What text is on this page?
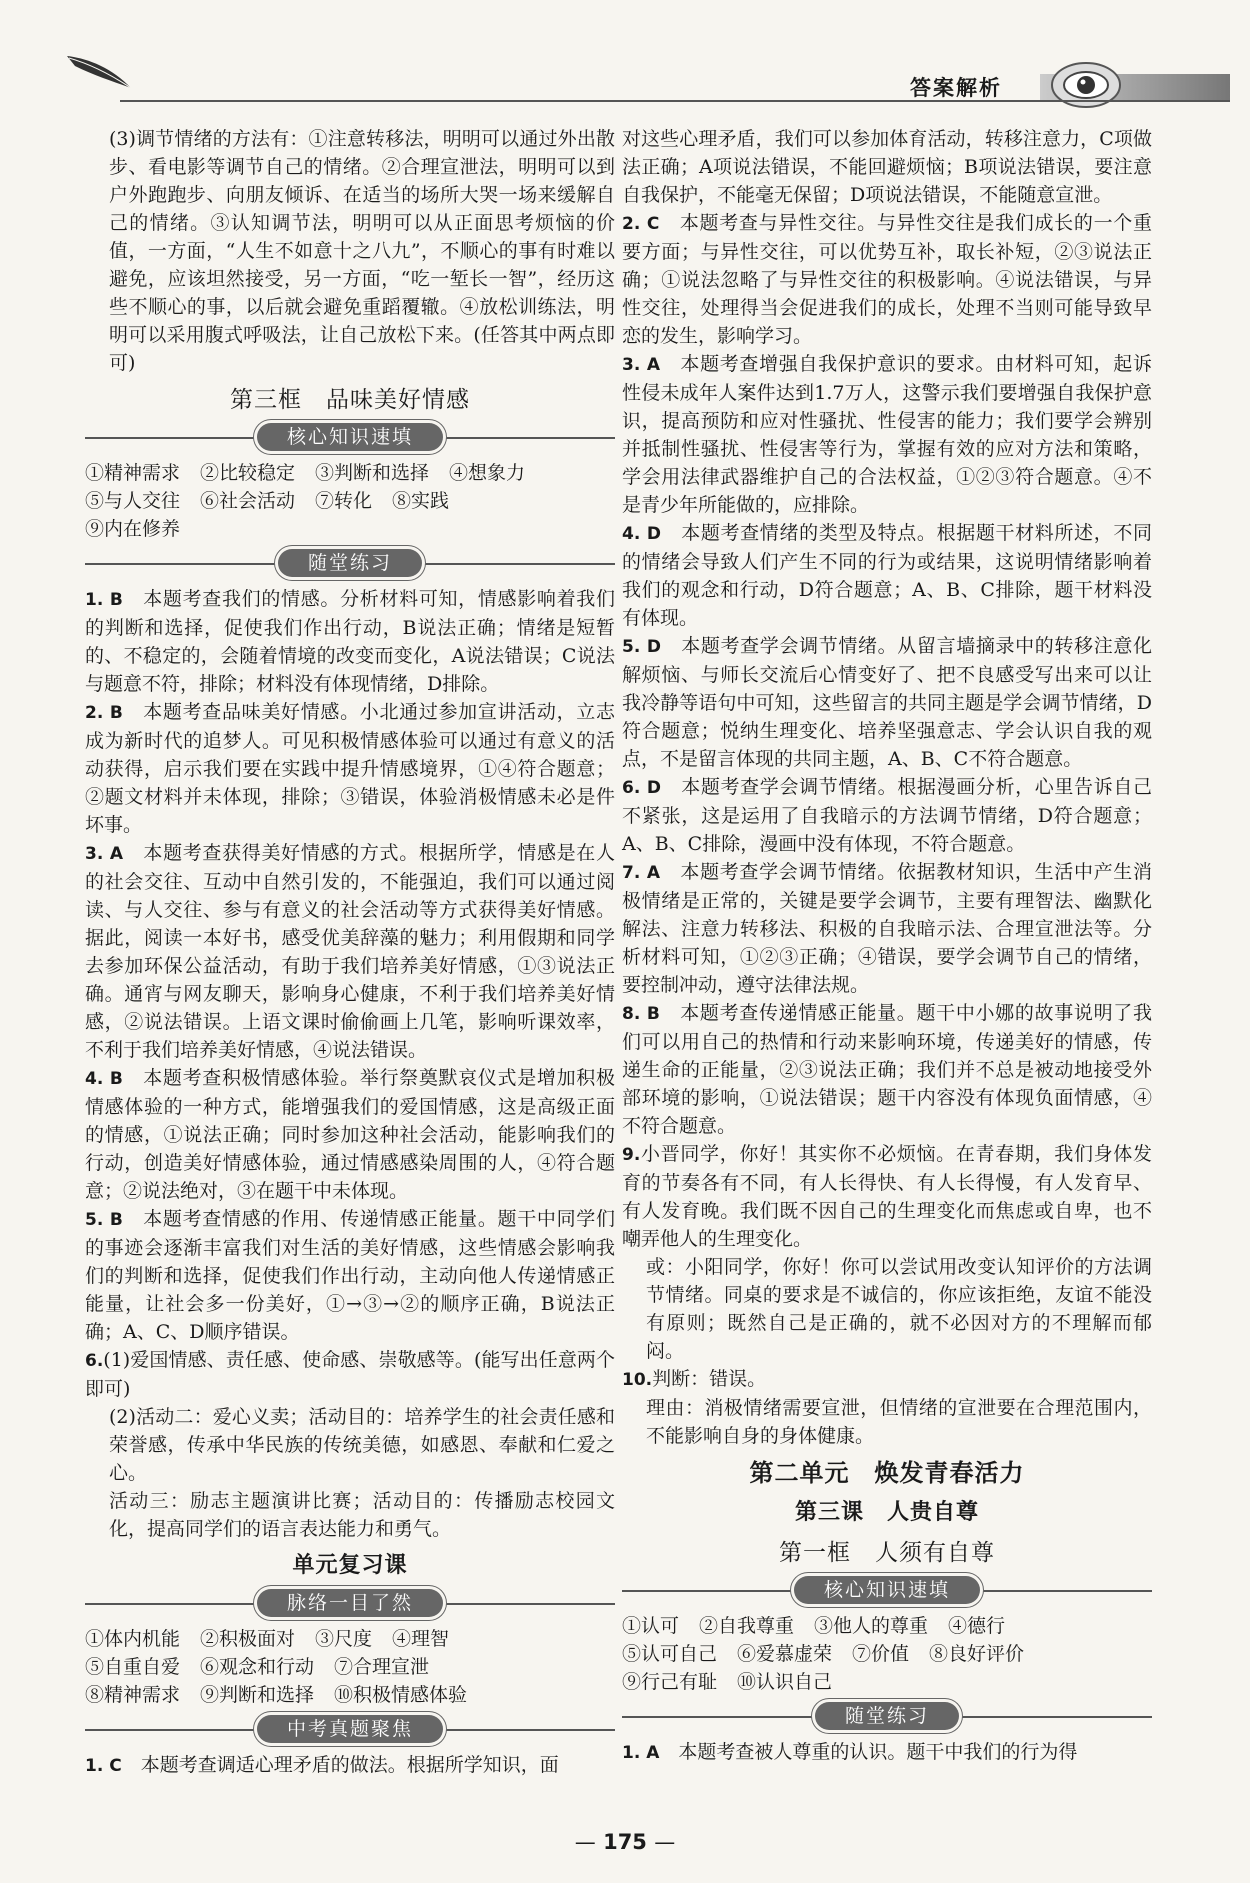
答案解析

(3)调节情绪的方法有：①注意转移法，明明可以通过外出散步、看电影等调节自己的情绪。②合理宣泄法，明明可以到户外跑跑步、向朋友倾诉、在适当的场所大哭一场来缓解自己的情绪。③认知调节法，明明可以从正面思考烦恼的价值，一方面，“人生不如意十之八九”，不顺心的事有时难以避免，应该坦然接受，另一方面，“吃一堑长一智”，经历这些不顺心的事，以后就会避免重蹈覆辙。④放松训练法，明明可以采用腹式呼吸法，让自己放松下来。(任答其中两点即可)

第三框　品味美好情感
核心知识速填
①精神需求 ②比较稳定 ③判断和选择 ④想象力
⑤与人交往 ⑥社会活动 ⑦转化 ⑧实践
⑨内在修养
随堂练习

1. B　 本题考查我们的情感。分析材料可知，情感影响着我们的判断和选择，促使我们作出行动，B说法正确；情绪是短暂的、不稳定的，会随着情境的改变而变化，A说法错误；C说法与题意不符，排除；材料没有体现情绪，D排除。

2. B　 本题考查品味美好情感。小北通过参加宣讲活动，立志成为新时代的追梦人。可见积极情感体验可以通过有意义的活动获得，启示我们要在实践中提升情感境界，①④符合题意；②题文材料并未体现，排除；③错误，体验消极情感未必是件坏事。

3. A　 本题考查获得美好情感的方式。根据所学，情感是在人的社会交往、互动中自然引发的，不能强迫，我们可以通过阅读、与人交往、参与有意义的社会活动等方式获得美好情感。据此，阅读一本好书，感受优美辞藻的魅力；利用假期和同学去参加环保公益活动，有助于我们培养美好情感，①③说法正确。通宵与网友聊天，影响身心健康，不利于我们培养美好情感，②说法错误。上语文课时偷偷画上几笔，影响听课效率，不利于我们培养美好情感，④说法错误。

4. B　 本题考查积极情感体验。举行祭奠默哀仪式是增加积极情感体验的一种方式，能增强我们的爱国情感，这是高级正面的情感，①说法正确；同时参加这种社会活动，能影响我们的行动，创造美好情感体验，通过情感感染周围的人，④符合题意；②说法绝对，③在题干中未体现。

5. B　 本题考查情感的作用、传递情感正能量。题干中同学们的事迹会逐渐丰富我们对生活的美好情感，这些情感会影响我们的判断和选择，促使我们作出行动，主动向他人传递情感正能量，让社会多一份美好，①→③→②的顺序正确，B说法正确；A、C、D顺序错误。

6.(1)爱国情感、责任感、使命感、崇敬感等。(能写出任意两个即可)

(2)活动二：爱心义卖；活动目的：培养学生的社会责任感和荣誉感，传承中华民族的传统美德，如感恩、奉献和仁爱之心。

活动三：励志主题演讲比赛；活动目的：传播励志校园文化，提高同学们的语言表达能力和勇气。

单元复习课
脉络一目了然
①体内机能 ②积极面对 ③尺度 ④理智
⑤自重自爱 ⑥观念和行动 ⑦合理宣泄
⑧精神需求 ⑨判断和选择 ⑩积极情感体验
中考真题聚焦

1. C　 本题考查调适心理矛盾的做法。根据所学知识，面

对这些心理矛盾，我们可以参加体育活动，转移注意力，C项做法正确；A项说法错误，不能回避烦恼；B项说法错误，要注意自我保护，不能毫无保留；D项说法错误，不能随意宣泄。

2. C　 本题考查与异性交往。与异性交往是我们成长的一个重要方面；与异性交往，可以优势互补，取长补短，②③说法正确；①说法忽略了与异性交往的积极影响。④说法错误，与异性交往，处理得当会促进我们的成长，处理不当则可能导致早恋的发生，影响学习。

3. A　 本题考查增强自我保护意识的要求。由材料可知，起诉性侵未成年人案件达到1.7万人，这警示我们要增强自我保护意识，提高预防和应对性骚扰、性侵害的能力；我们要学会辨别并抵制性骚扰、性侵害等行为，掌握有效的应对方法和策略，学会用法律武器维护自己的合法权益，①②③符合题意。④不是青少年所能做的，应排除。

4. D　 本题考查情绪的类型及特点。根据题干材料所述，不同的情绪会导致人们产生不同的行为或结果，这说明情绪影响着我们的观念和行动，D符合题意；A、B、C排除，题干材料没有体现。

5. D　 本题考查学会调节情绪。从留言墙摘录中的转移注意化解烦恼、与师长交流后心情变好了、把不良感受写出来可以让我冷静等语句中可知，这些留言的共同主题是学会调节情绪，D符合题意；悦纳生理变化、培养坚强意志、学会认识自我的观点，不是留言体现的共同主题，A、B、C不符合题意。

6. D　 本题考查学会调节情绪。根据漫画分析，心里告诉自己不紧张，这是运用了自我暗示的方法调节情绪，D符合题意；A、B、C排除，漫画中没有体现，不符合题意。

7. A　 本题考查学会调节情绪。依据教材知识，生活中产生消极情绪是正常的，关键是要学会调节，主要有理智法、幽默化解法、注意力转移法、积极的自我暗示法、合理宣泄法等。分析材料可知，①②③正确；④错误，要学会调节自己的情绪，要控制冲动，遵守法律法规。

8. B　 本题考查传递情感正能量。题干中小娜的故事说明了我们可以用自己的热情和行动来影响环境，传递美好的情感，传递生命的正能量，②③说法正确；我们并不总是被动地接受外部环境的影响，①说法错误；题干内容没有体现负面情感，④不符合题意。

9.小晋同学，你好！其实你不必烦恼。在青春期，我们身体发育的节奏各有不同，有人长得快、有人长得慢，有人发育早、有人发育晚。我们既不因自己的生理变化而焦虑或自卑，也不嘲弄他人的生理变化。

或：小阳同学，你好！你可以尝试用改变认知评价的方法调节情绪。同桌的要求是不诚信的，你应该拒绝，友谊不能没有原则；既然自己是正确的，就不必因对方的不理解而郁闷。

10.判断：错误。

理由：消极情绪需要宣泄，但情绪的宣泄要在合理范围内，不能影响自身的身体健康。

第二单元　焕发青春活力
第三课　人贵自尊
第一框　人须有自尊
核心知识速填
①认可 ②自我尊重 ③他人的尊重 ④德行
⑤认可自己 ⑥爱慕虚荣 ⑦价值 ⑧良好评价
⑨行己有耻 ⑩认识自己
随堂练习

1. A　 本题考查被人尊重的认识。题干中我们的行为得

— 175 —
